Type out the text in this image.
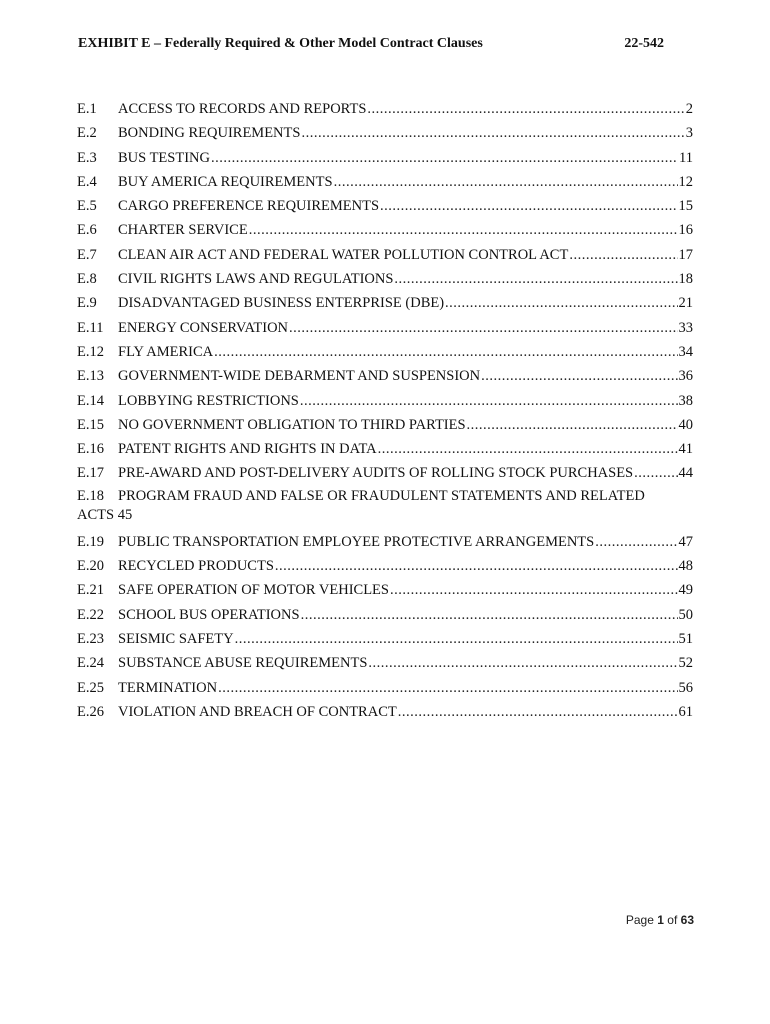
EXHIBIT E – Federally Required & Other Model Contract Clauses	22-542
E.1	ACCESS TO RECORDS AND REPORTS .....	2
E.2	BONDING REQUIREMENTS .....	3
E.3	BUS TESTING .....	11
E.4	BUY AMERICA REQUIREMENTS .....	12
E.5	CARGO PREFERENCE REQUIREMENTS .....	15
E.6	CHARTER SERVICE .....	16
E.7	CLEAN AIR ACT AND FEDERAL WATER POLLUTION CONTROL ACT .....	17
E.8	CIVIL RIGHTS LAWS AND REGULATIONS .....	18
E.9	DISADVANTAGED BUSINESS ENTERPRISE (DBE) .....	21
E.11	ENERGY CONSERVATION .....	33
E.12 FLY AMERICA .....	34
E.13 GOVERNMENT-WIDE DEBARMENT AND SUSPENSION .....	36
E.14 LOBBYING RESTRICTIONS .....	38
E.15 NO GOVERNMENT OBLIGATION TO THIRD PARTIES .....	40
E.16 PATENT RIGHTS AND RIGHTS IN DATA .....	41
E.17 PRE-AWARD AND POST-DELIVERY AUDITS OF ROLLING STOCK PURCHASES .....	44
E.18 PROGRAM FRAUD AND FALSE OR FRAUDULENT STATEMENTS AND RELATED
ACTS 45
E.19 PUBLIC TRANSPORTATION EMPLOYEE PROTECTIVE ARRANGEMENTS .....	47
E.20 RECYCLED PRODUCTS .....	48
E.21 SAFE OPERATION OF MOTOR VEHICLES .....	49
E.22 SCHOOL BUS OPERATIONS .....	50
E.23 SEISMIC SAFETY .....	51
E.24 SUBSTANCE ABUSE REQUIREMENTS .....	52
E.25 TERMINATION .....	56
E.26 VIOLATION AND BREACH OF CONTRACT .....	61
Page 1 of 63
